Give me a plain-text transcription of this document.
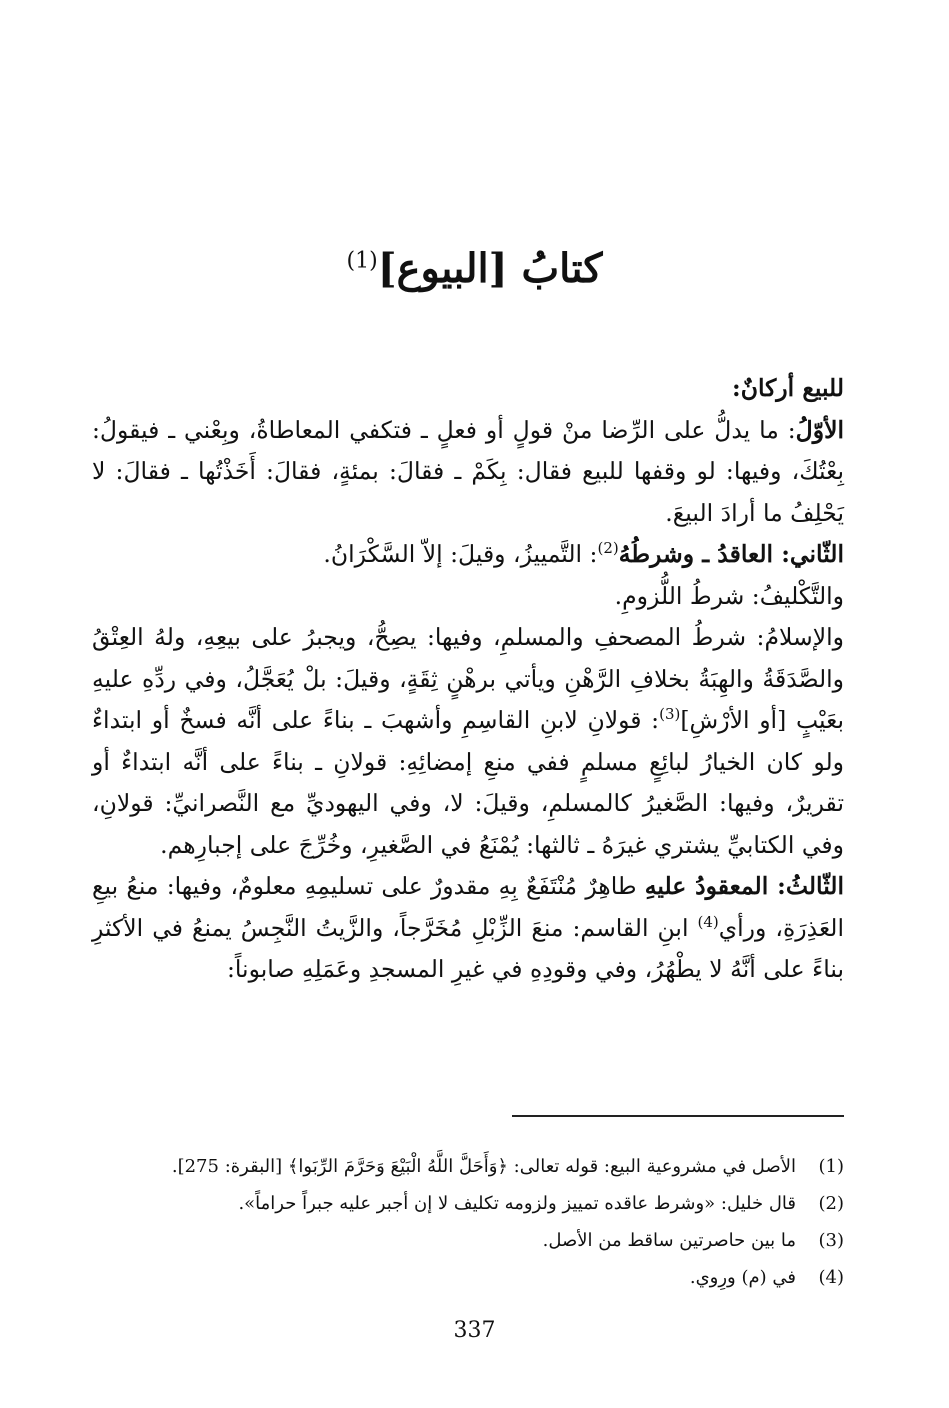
كتابُ [البيوع]$^{(1)}$

للبيع أركانٌ:

الأوّلُ: ما يدلُّ على الرِّضا منْ قولٍ أو فعلٍ ـ فتكفي المعاطاةُ، وبِعْني ـ فيقولُ: بِعْتُكَ، وفيها: لو وقفها للبيع فقال: بِكَمْ ـ فقالَ: بمئةٍ، فقالَ: أَخَذْتُها ـ فقالَ: لا يَحْلِفُ ما أرادَ البيعَ.

الثّاني: العاقدُ ـ وشرطُهُ$^{(2)}$: التَّمييزُ، وقيلَ: إلاّ السَّكْرَانُ.

والتَّكْليفُ: شرطُ اللُّزومِ.

والإسلامُ: شرطُ المصحفِ والمسلمِ، وفيها: يصِحُّ، ويجبرُ على بيعِهِ، ولهُ العِتْقُ والصَّدَقَةُ والهِبَةُ بخلافِ الرَّهْنِ ويأتي برهْنٍ ثِقَةٍ، وقيلَ: بلْ يُعَجَّلُ، وفي ردِّهِ عليهِ بعَيْبٍ [أو الأرْشِ]$^{(3)}$: قولانِ لابنِ القاسِمِ وأشهبَ ـ بناءً على أنَّه فسخٌ أو ابتداءٌ ولو كان الخيارُ لبائِعٍ مسلمٍ ففي منعِ إمضائِهِ: قولانِ ـ بناءً على أنَّه ابتداءٌ أو تقريرٌ، وفيها: الصَّغيرُ كالمسلمِ، وقيلَ: لا، وفي اليهوديِّ مع النَّصرانيِّ: قولانِ، وفي الكتابيِّ يشتري غيرَهُ ـ ثالثها: يُمْنَعُ في الصَّغيرِ، وخُرِّجَ على إجبارِهم.

الثّالثُ: المعقودُ عليهِ طاهِرٌ مُنْتَفَعٌ بِهِ مقدورٌ على تسليمِهِ معلومٌ، وفيها: منعُ بيعِ العَذِرَةِ، ورأي$^{(4)}$ ابنِ القاسم: منعَ الزِّبْلِ مُخَرَّجاً، والزَّيتُ النَّجِسُ يمنعُ في الأكثرِ بناءً على أنَّهُ لا يطْهُرُ، وفي وقودِهِ في غيرِ المسجدِ وعَمَلِهِ صابوناً:

(1)
الأصل في مشروعية البيع: قوله تعالى: ﴿وَأَحَلَّ اللَّهُ الْبَيْعَ وَحَرَّمَ الرِّبَوا﴾ [البقرة: 275].
(2)
قال خليل: «وشرط عاقده تمييز ولزومه تكليف لا إن أجبر عليه جبراً حراماً».
(3)
ما بين حاصرتين ساقط من الأصل.
(4)
في (م) ورِوي.
337
